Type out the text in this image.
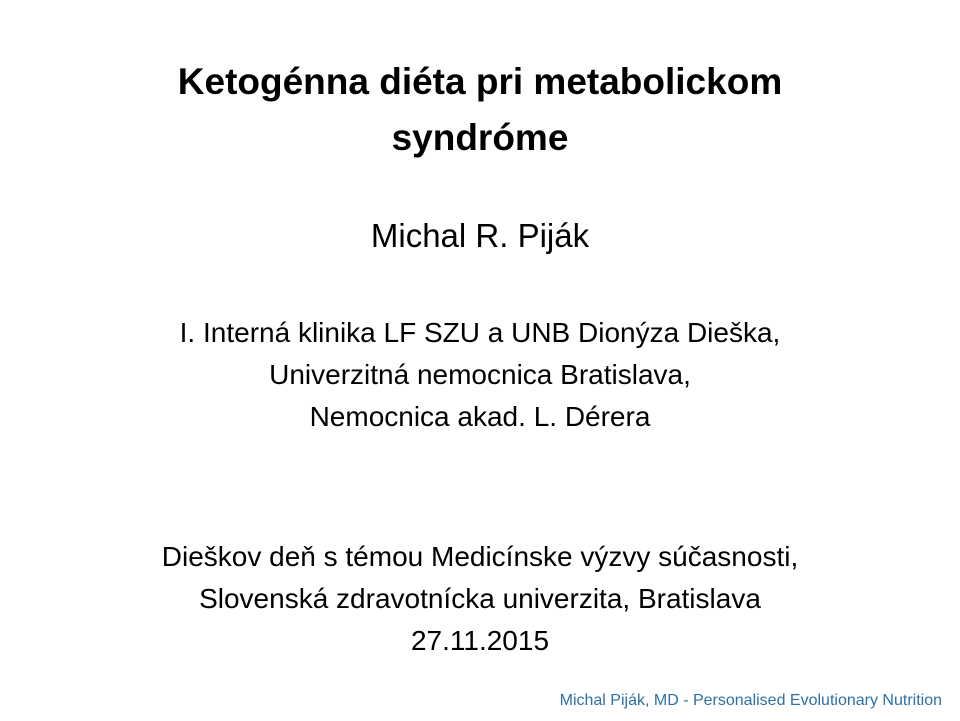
Ketogénna diéta pri metabolickom
syndróme
Michal R. Piják
I. Interná klinika LF SZU a UNB Dionýza Dieška,
Univerzitná nemocnica Bratislava,
Nemocnica akad. L. Dérera
Dieškov deň s témou Medicínske výzvy súčasnosti,
Slovenská zdravotnícka univerzita, Bratislava
27.11.2015
Michal Piják, MD - Personalised Evolutionary Nutrition
